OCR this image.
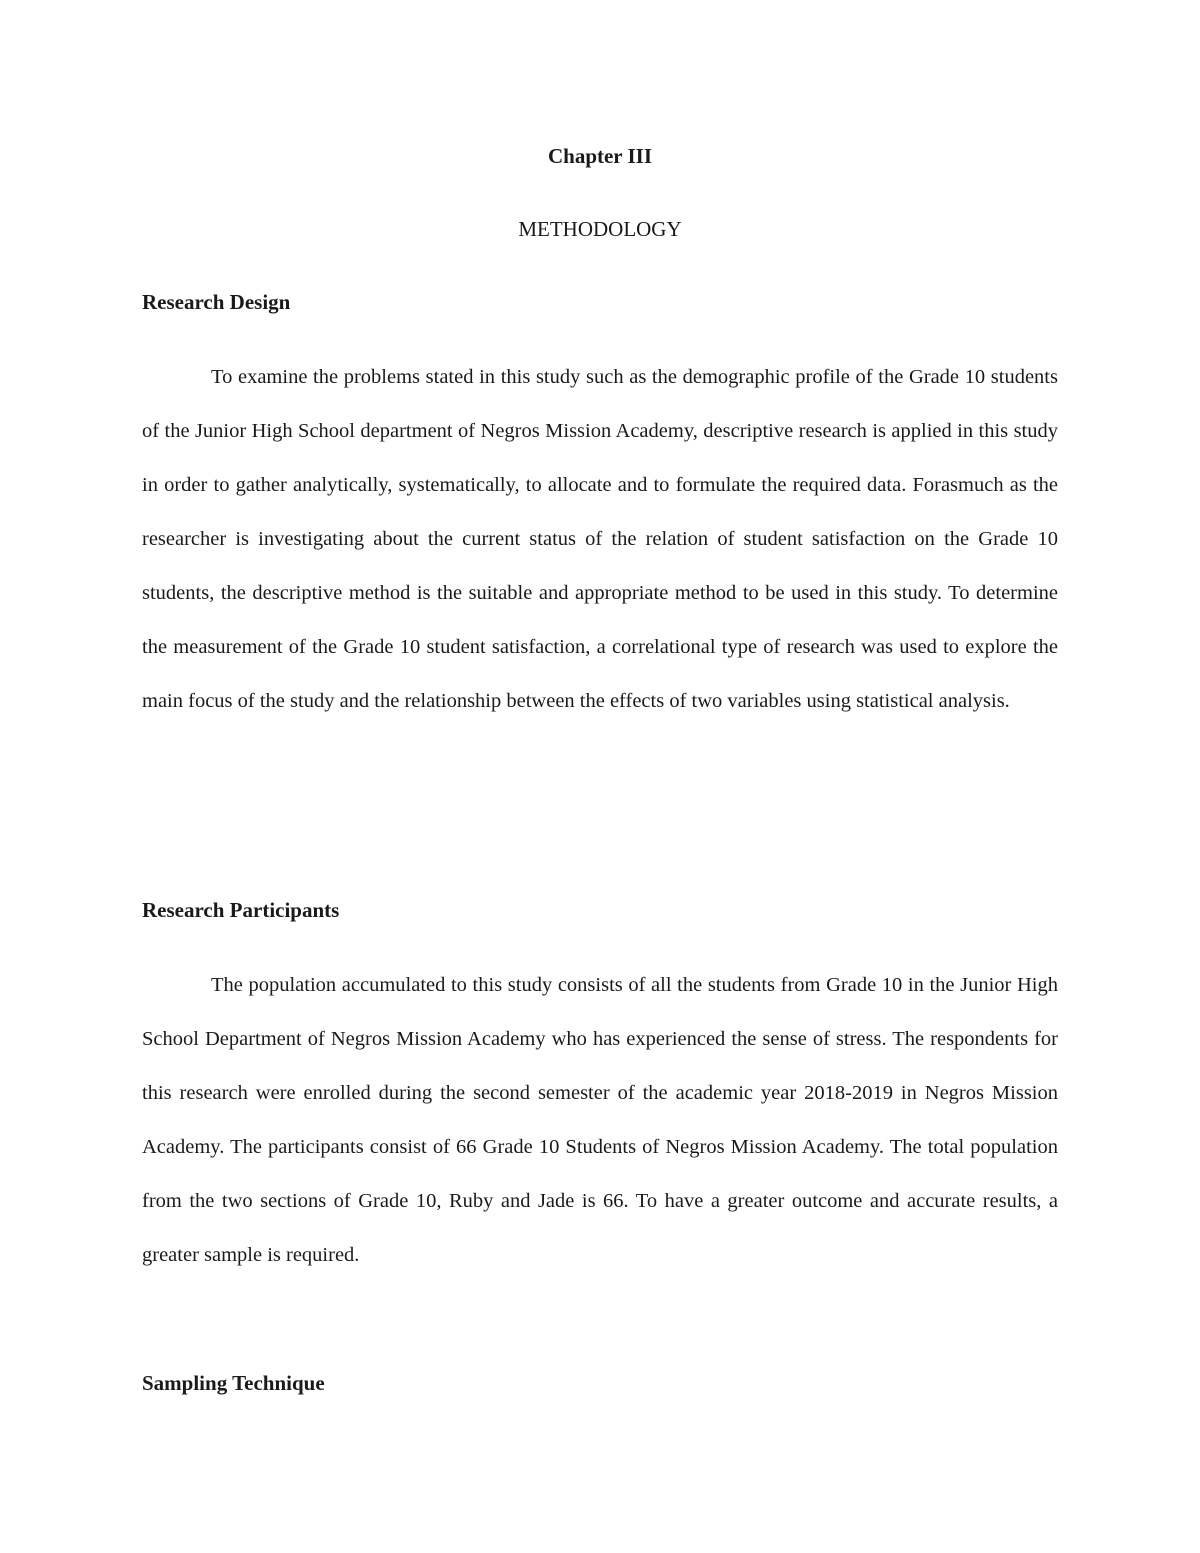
Chapter III
METHODOLOGY
Research Design

To examine the problems stated in this study such as the demographic profile of the Grade 10 students of the Junior High School department of Negros Mission Academy, descriptive research is applied in this study in order to gather analytically, systematically, to allocate and to formulate the required data. Forasmuch as the researcher is investigating about the current status of the relation of student satisfaction on the Grade 10 students, the descriptive method is the suitable and appropriate method to be used in this study. To determine the measurement of the Grade 10 student satisfaction, a correlational type of research was used to explore the main focus of the study and the relationship between the effects of two variables using statistical analysis.

Research Participants

The population accumulated to this study consists of all the students from Grade 10 in the Junior High School Department of Negros Mission Academy who has experienced the sense of stress. The respondents for this research were enrolled during the second semester of the academic year 2018-2019 in Negros Mission Academy. The participants consist of 66 Grade 10 Students of Negros Mission Academy. The total population from the two sections of Grade 10, Ruby and Jade is 66. To have a greater outcome and accurate results, a greater sample is required.

Sampling Technique
